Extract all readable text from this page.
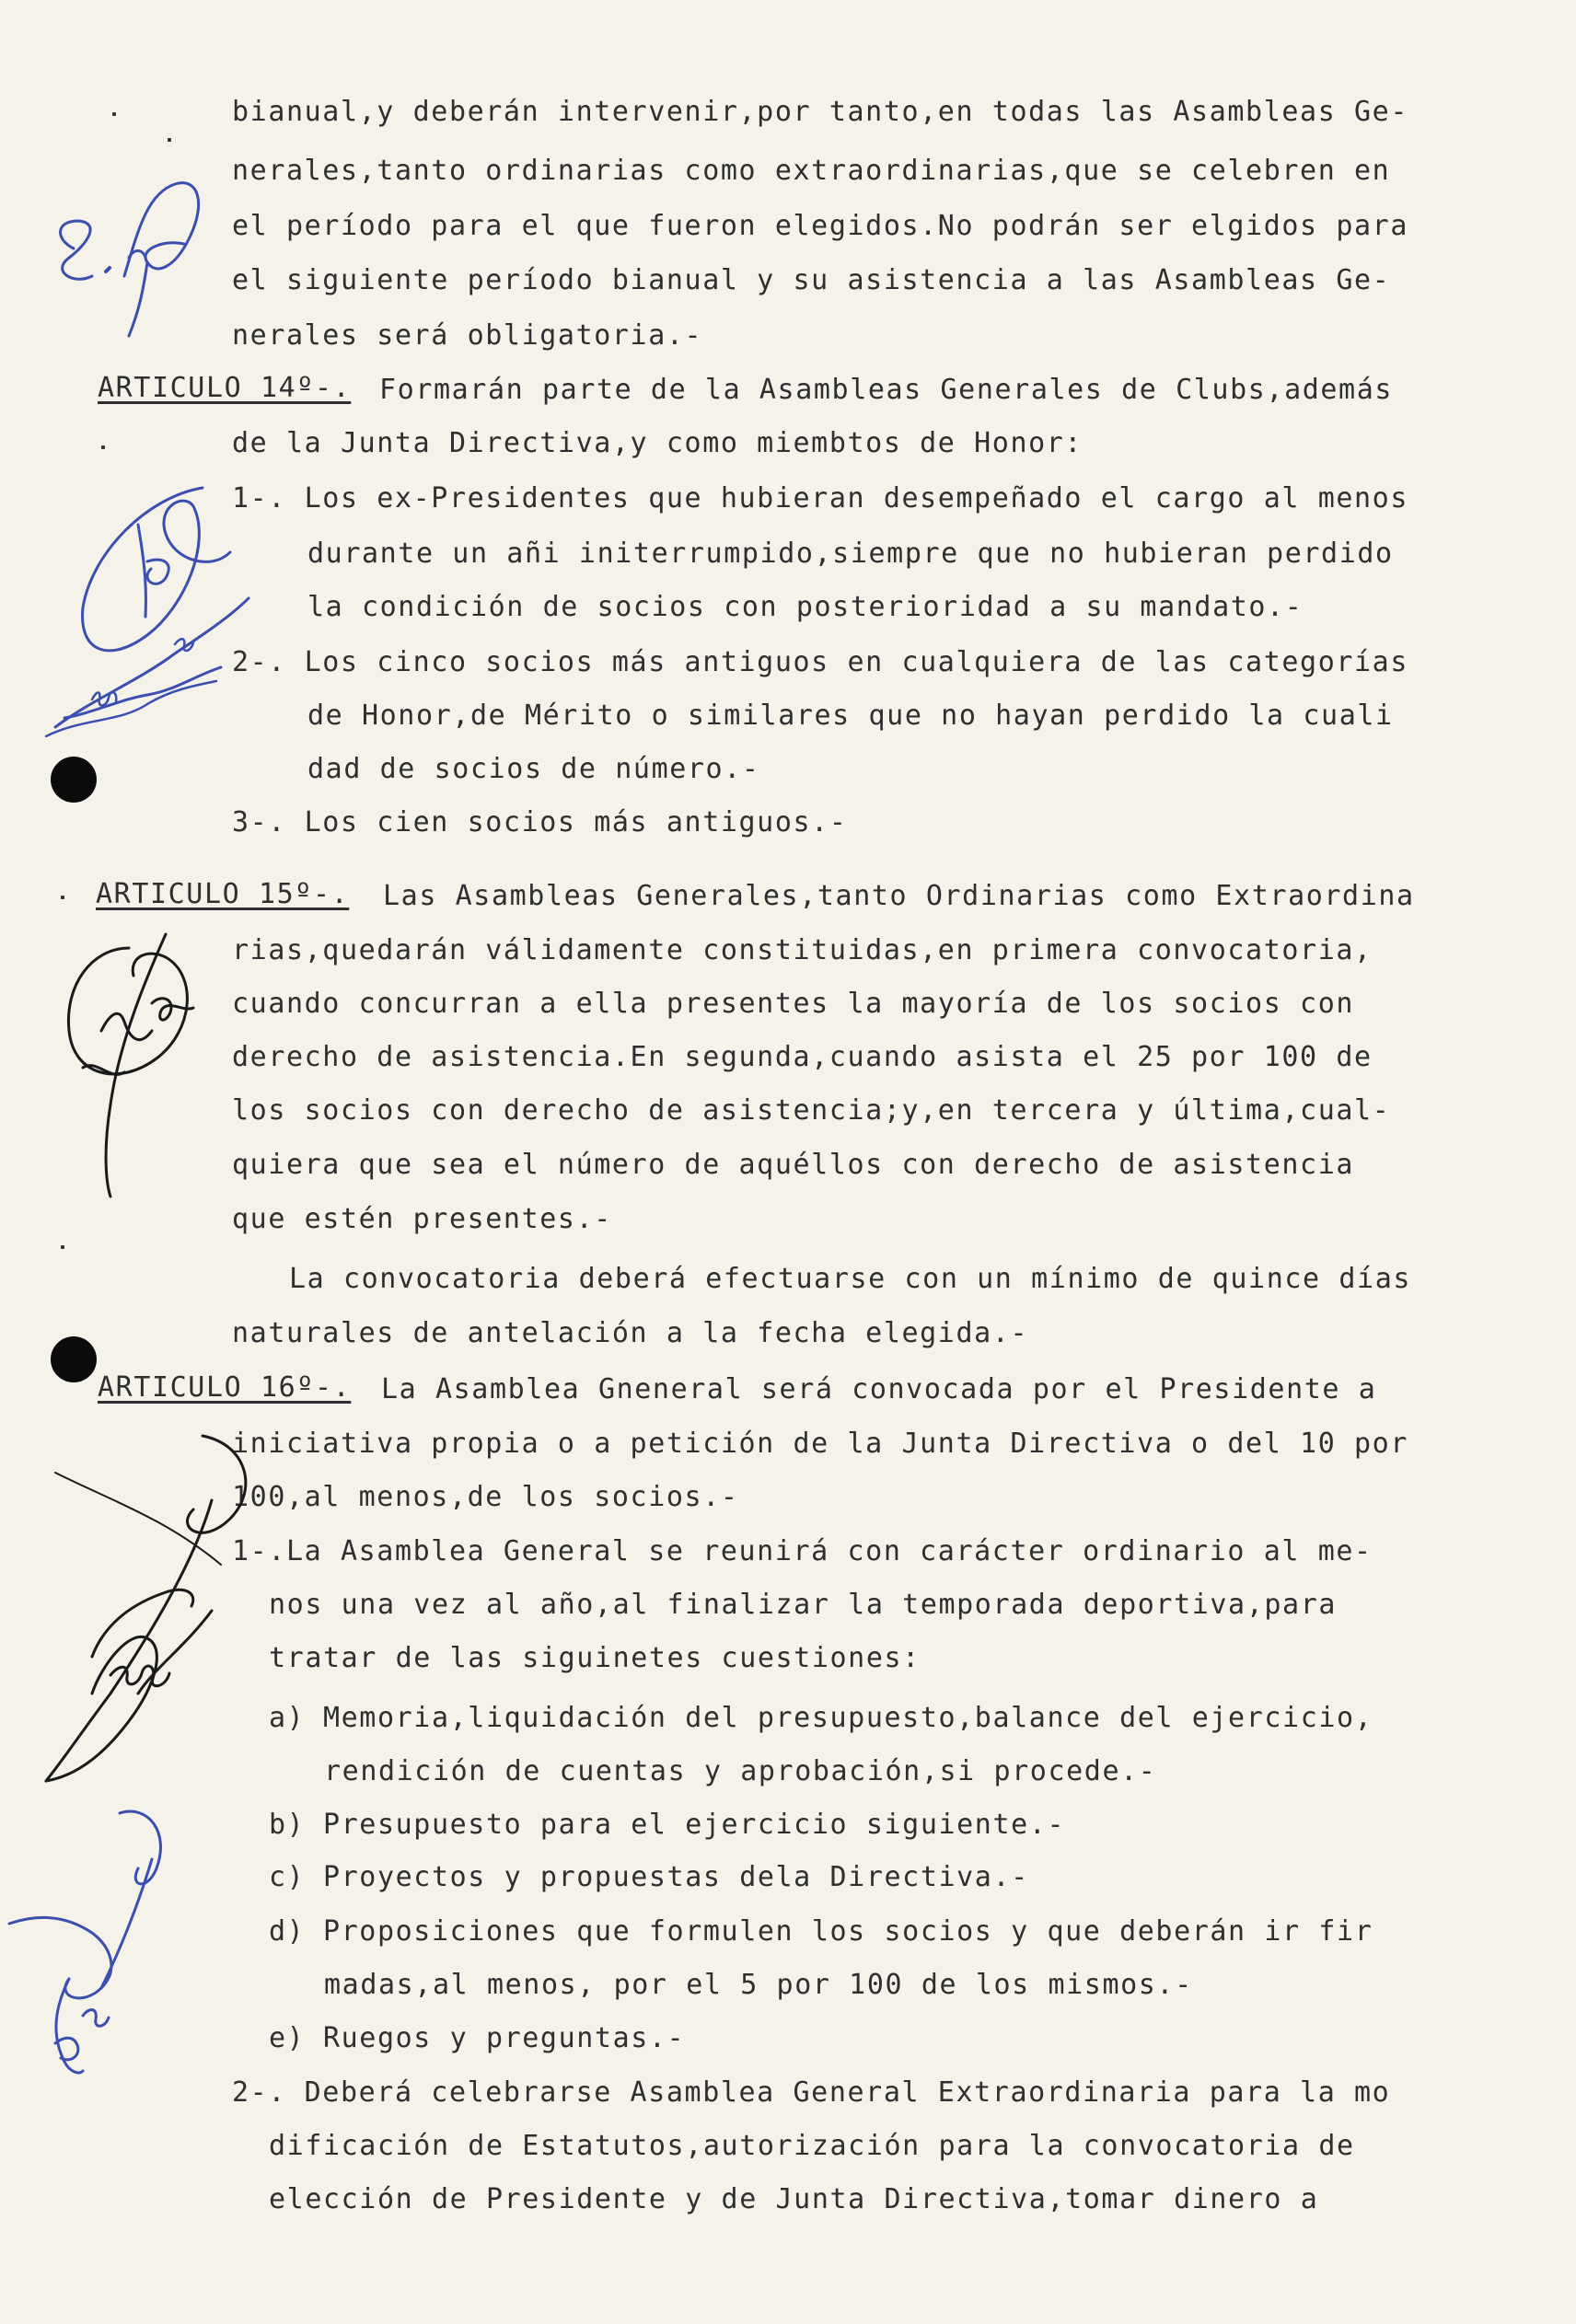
bianual,y deberán intervenir,por tanto,en todas las Asambleas Ge-
nerales,tanto ordinarias como extraordinarias,que se celebren en
el período para el que fueron elegidos.No podrán ser elgidos para
el siguiente período bianual y su asistencia a las Asambleas Ge-
nerales será obligatoria.-
ARTICULO 14º-. Formarán parte de la Asambleas Generales de Clubs,además
de la Junta Directiva,y como miembtos de Honor:
1-. Los ex-Presidentes que hubieran desempeñado el cargo al menos
durante un añi initerrumpido,siempre que no hubieran perdido
la condición de socios con posterioridad a su mandato.-
2-. Los cinco socios más antiguos en cualquiera de las categorías
de Honor,de Mérito o similares que no hayan perdido la cuali
dad de socios de número.-
3-. Los cien socios más antiguos.-
ARTICULO 15º-. Las Asambleas Generales,tanto Ordinarias como Extraordina
rias,quedarán válidamente constituidas,en primera convocatoria,
cuando concurran a ella presentes la mayoría de los socios con
derecho de asistencia.En segunda,cuando asista el 25 por 100 de
los socios con derecho de asistencia;y,en tercera y última,cual-
quiera que sea el número de aquéllos con derecho de asistencia
que estén presentes.-
La convocatoria deberá efectuarse con un mínimo de quince días
naturales de antelación a la fecha elegida.-
ARTICULO 16º-. La Asamblea Gneneral será convocada por el Presidente a
iniciativa propia o a petición de la Junta Directiva o del 10 por
100,al menos,de los socios.-
1-.La Asamblea General se reunirá con carácter ordinario al me-
nos una vez al año,al finalizar la temporada deportiva,para
tratar de las siguinetes cuestiones:
a) Memoria,liquidación del presupuesto,balance del ejercicio,
rendición de cuentas y aprobación,si procede.-
b) Presupuesto para el ejercicio siguiente.-
c) Proyectos y propuestas dela Directiva.-
d) Proposiciones que formulen los socios y que deberán ir fir
madas,al menos, por el 5 por 100 de los mismos.-
e) Ruegos y preguntas.-
2-. Deberá celebrarse Asamblea General Extraordinaria para la mo
dificación de Estatutos,autorización para la convocatoria de
elección de Presidente y de Junta Directiva,tomar dinero a
